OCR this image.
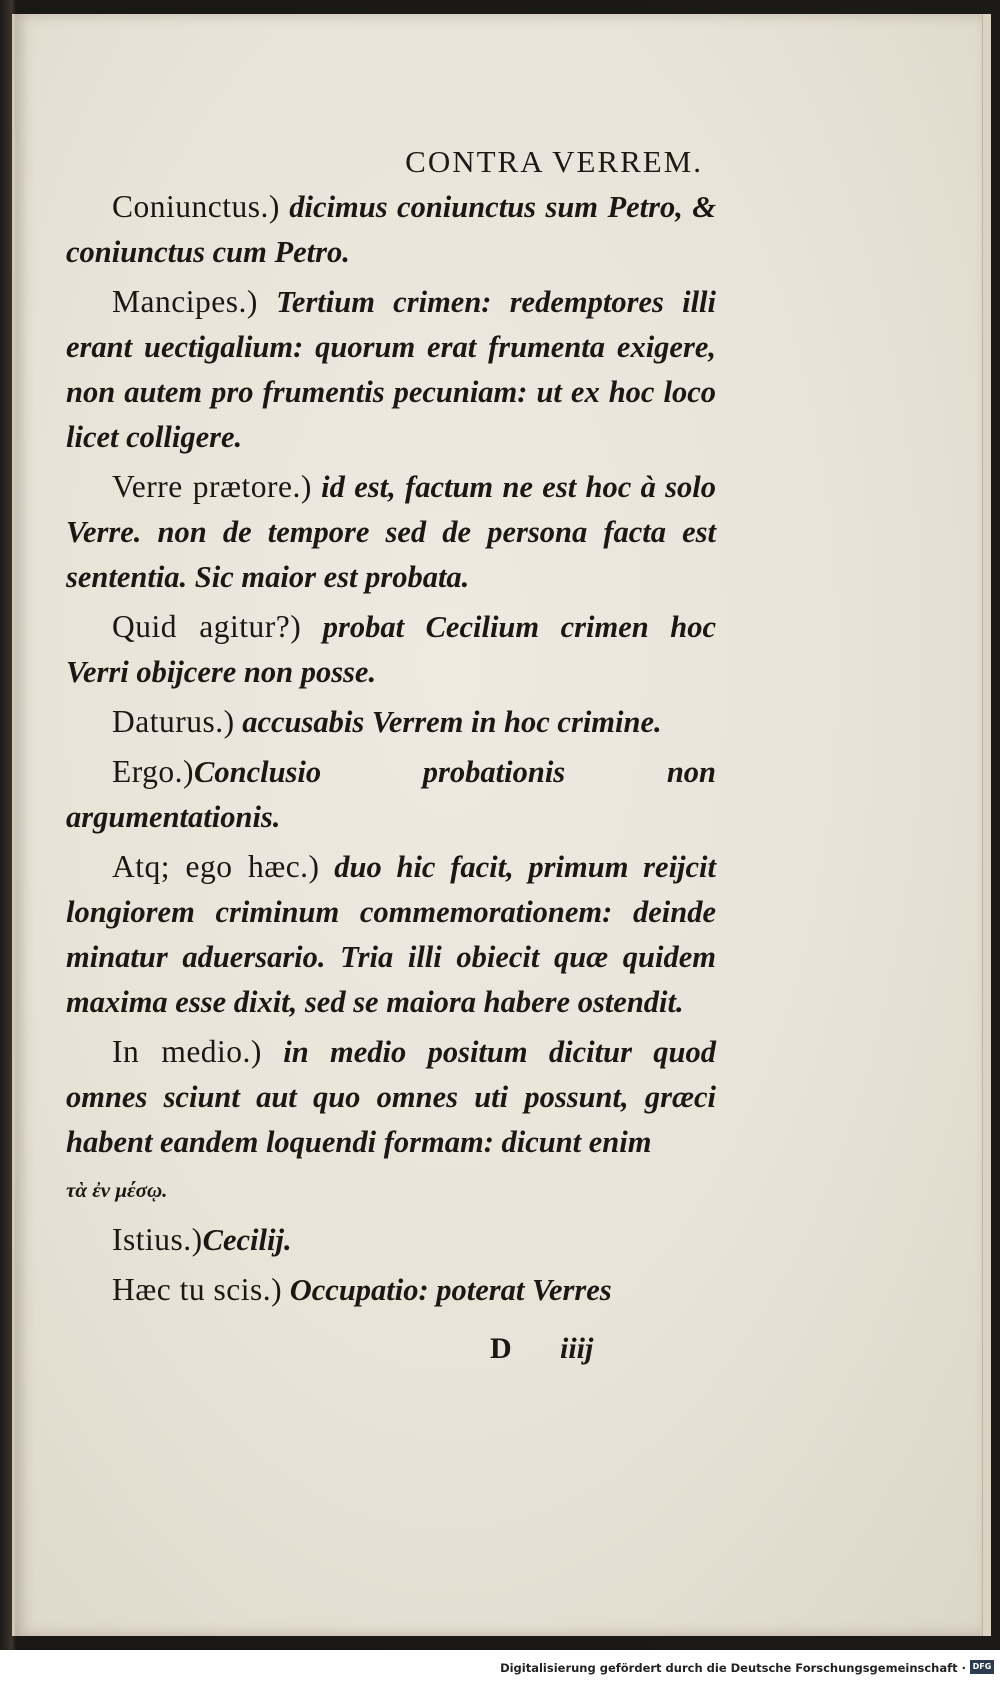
CONTRA VERREM.

Coniunctus.) dicimus coniunctus sum Petro, & coniunctus cum Petro.

Mancipes.) Tertium crimen: redemptores illi erant uectigalium: quorum erat frumenta exigere, non autem pro frumentis pecuniam: ut ex hoc loco licet colligere.

Verre prætore.) id est, factum ne est hoc à solo Verre. non de tempore sed de persona facta est sententia. Sic maior est probata.

Quid agitur?) probat Cecilium crimen hoc Verri obijcere non posse.

Daturus.) accusabis Verrem in hoc crimine.

Ergo.)Conclusio probationis non argumentationis.

Atq; ego hæc.) duo hic facit, primum reijcit longiorem criminum commemorationem: deinde minatur aduersario. Tria illi obiecit quæ quidem maxima esse dixit, sed se maiora habere ostendit.

In medio.) in medio positum dicitur quod omnes sciunt aut quo omnes uti possunt, græci habent eandem loquendi formam: dicunt enim
τὰ ἐν μέσῳ.

Istius.)Cecilij.

Hæc tu scis.) Occupatio: poterat Verres

D iiij
Digitalisierung gefördert durch die Deutsche Forschungsgemeinschaft · DFG
